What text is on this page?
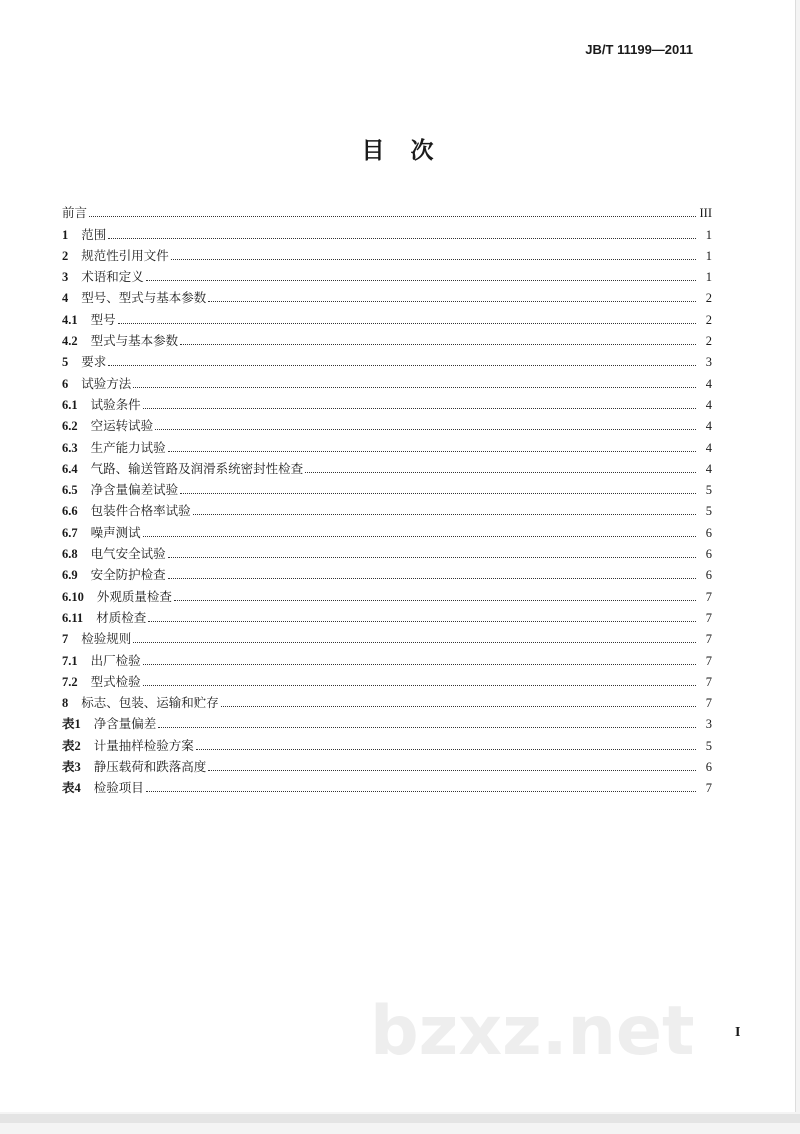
JB/T 11199—2011
目次
前言	III
1 范围	1
2 规范性引用文件	1
3 术语和定义	1
4 型号、型式与基本参数	2
4.1 型号	2
4.2 型式与基本参数	2
5 要求	3
6 试验方法	4
6.1 试验条件	4
6.2 空运转试验	4
6.3 生产能力试验	4
6.4 气路、输送管路及润滑系统密封性检查	4
6.5 净含量偏差试验	5
6.6 包装件合格率试验	5
6.7 噪声测试	6
6.8 电气安全试验	6
6.9 安全防护检查	6
6.10 外观质量检查	7
6.11 材质检查	7
7 检验规则	7
7.1 出厂检验	7
7.2 型式检验	7
8 标志、包装、运输和贮存	7
表1 净含量偏差	3
表2 计量抽样检验方案	5
表3 静压载荷和跌落高度	6
表4 检验项目	7
bzxz.net	I
